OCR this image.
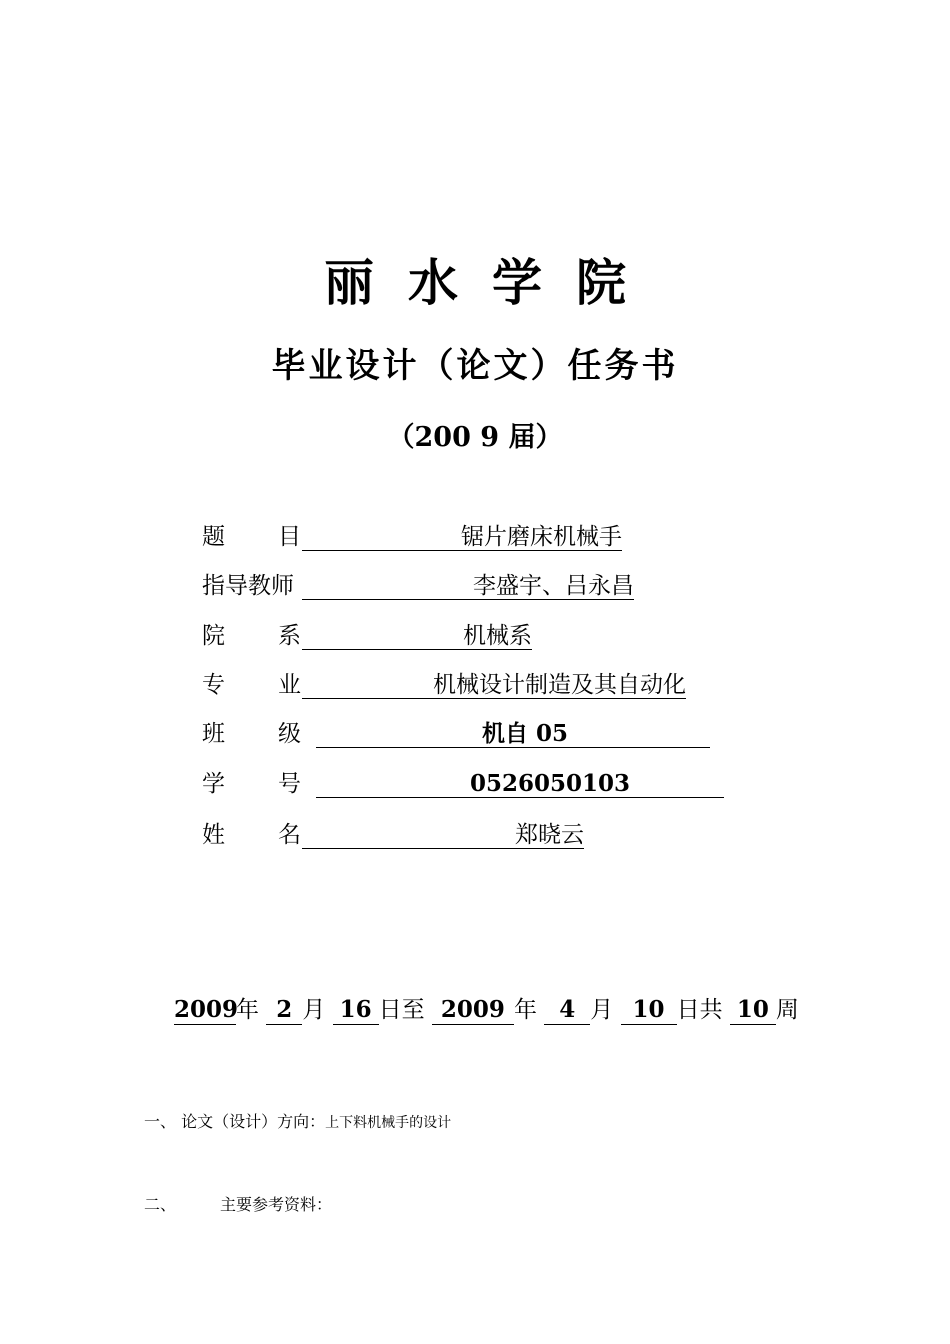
丽水学院
毕业设计（论文）任务书
（200 9 届）
题 目	锯片磨床机械手
指导教师	李盛宇、吕永昌
院 系	机械系
专 业	机械设计制造及其自动化
班 级	机自 05
学 号	0526050103
姓 名	郑晓云
2009年 2 月 16 日至 2009 年 4 月 10 日共 10 周
一、 论文（设计）方向：上下料机械手的设计
二、	主要参考资料：
